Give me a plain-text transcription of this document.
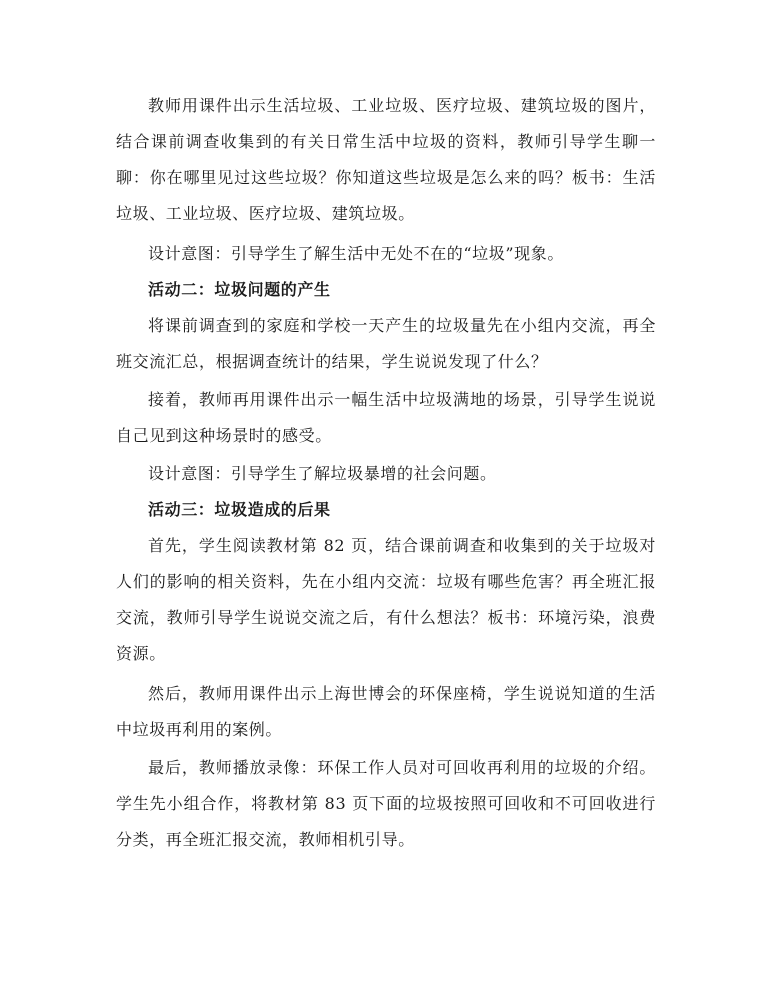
教师用课件出示生活垃圾、工业垃圾、医疗垃圾、建筑垃圾的图片，结合课前调查收集到的有关日常生活中垃圾的资料，教师引导学生聊一聊：你在哪里见过这些垃圾？你知道这些垃圾是怎么来的吗？板书：生活垃圾、工业垃圾、医疗垃圾、建筑垃圾。

设计意图：引导学生了解生活中无处不在的“垃圾”现象。

活动二：垃圾问题的产生

将课前调查到的家庭和学校一天产生的垃圾量先在小组内交流，再全班交流汇总，根据调查统计的结果，学生说说发现了什么？

接着，教师再用课件出示一幅生活中垃圾满地的场景，引导学生说说自己见到这种场景时的感受。

设计意图：引导学生了解垃圾暴增的社会问题。

活动三：垃圾造成的后果

首先，学生阅读教材第 82 页，结合课前调查和收集到的关于垃圾对人们的影响的相关资料，先在小组内交流：垃圾有哪些危害？再全班汇报交流，教师引导学生说说交流之后，有什么想法？板书：环境污染，浪费资源。

然后，教师用课件出示上海世博会的环保座椅，学生说说知道的生活中垃圾再利用的案例。

最后，教师播放录像：环保工作人员对可回收再利用的垃圾的介绍。学生先小组合作，将教材第 83 页下面的垃圾按照可回收和不可回收进行分类，再全班汇报交流，教师相机引导。
